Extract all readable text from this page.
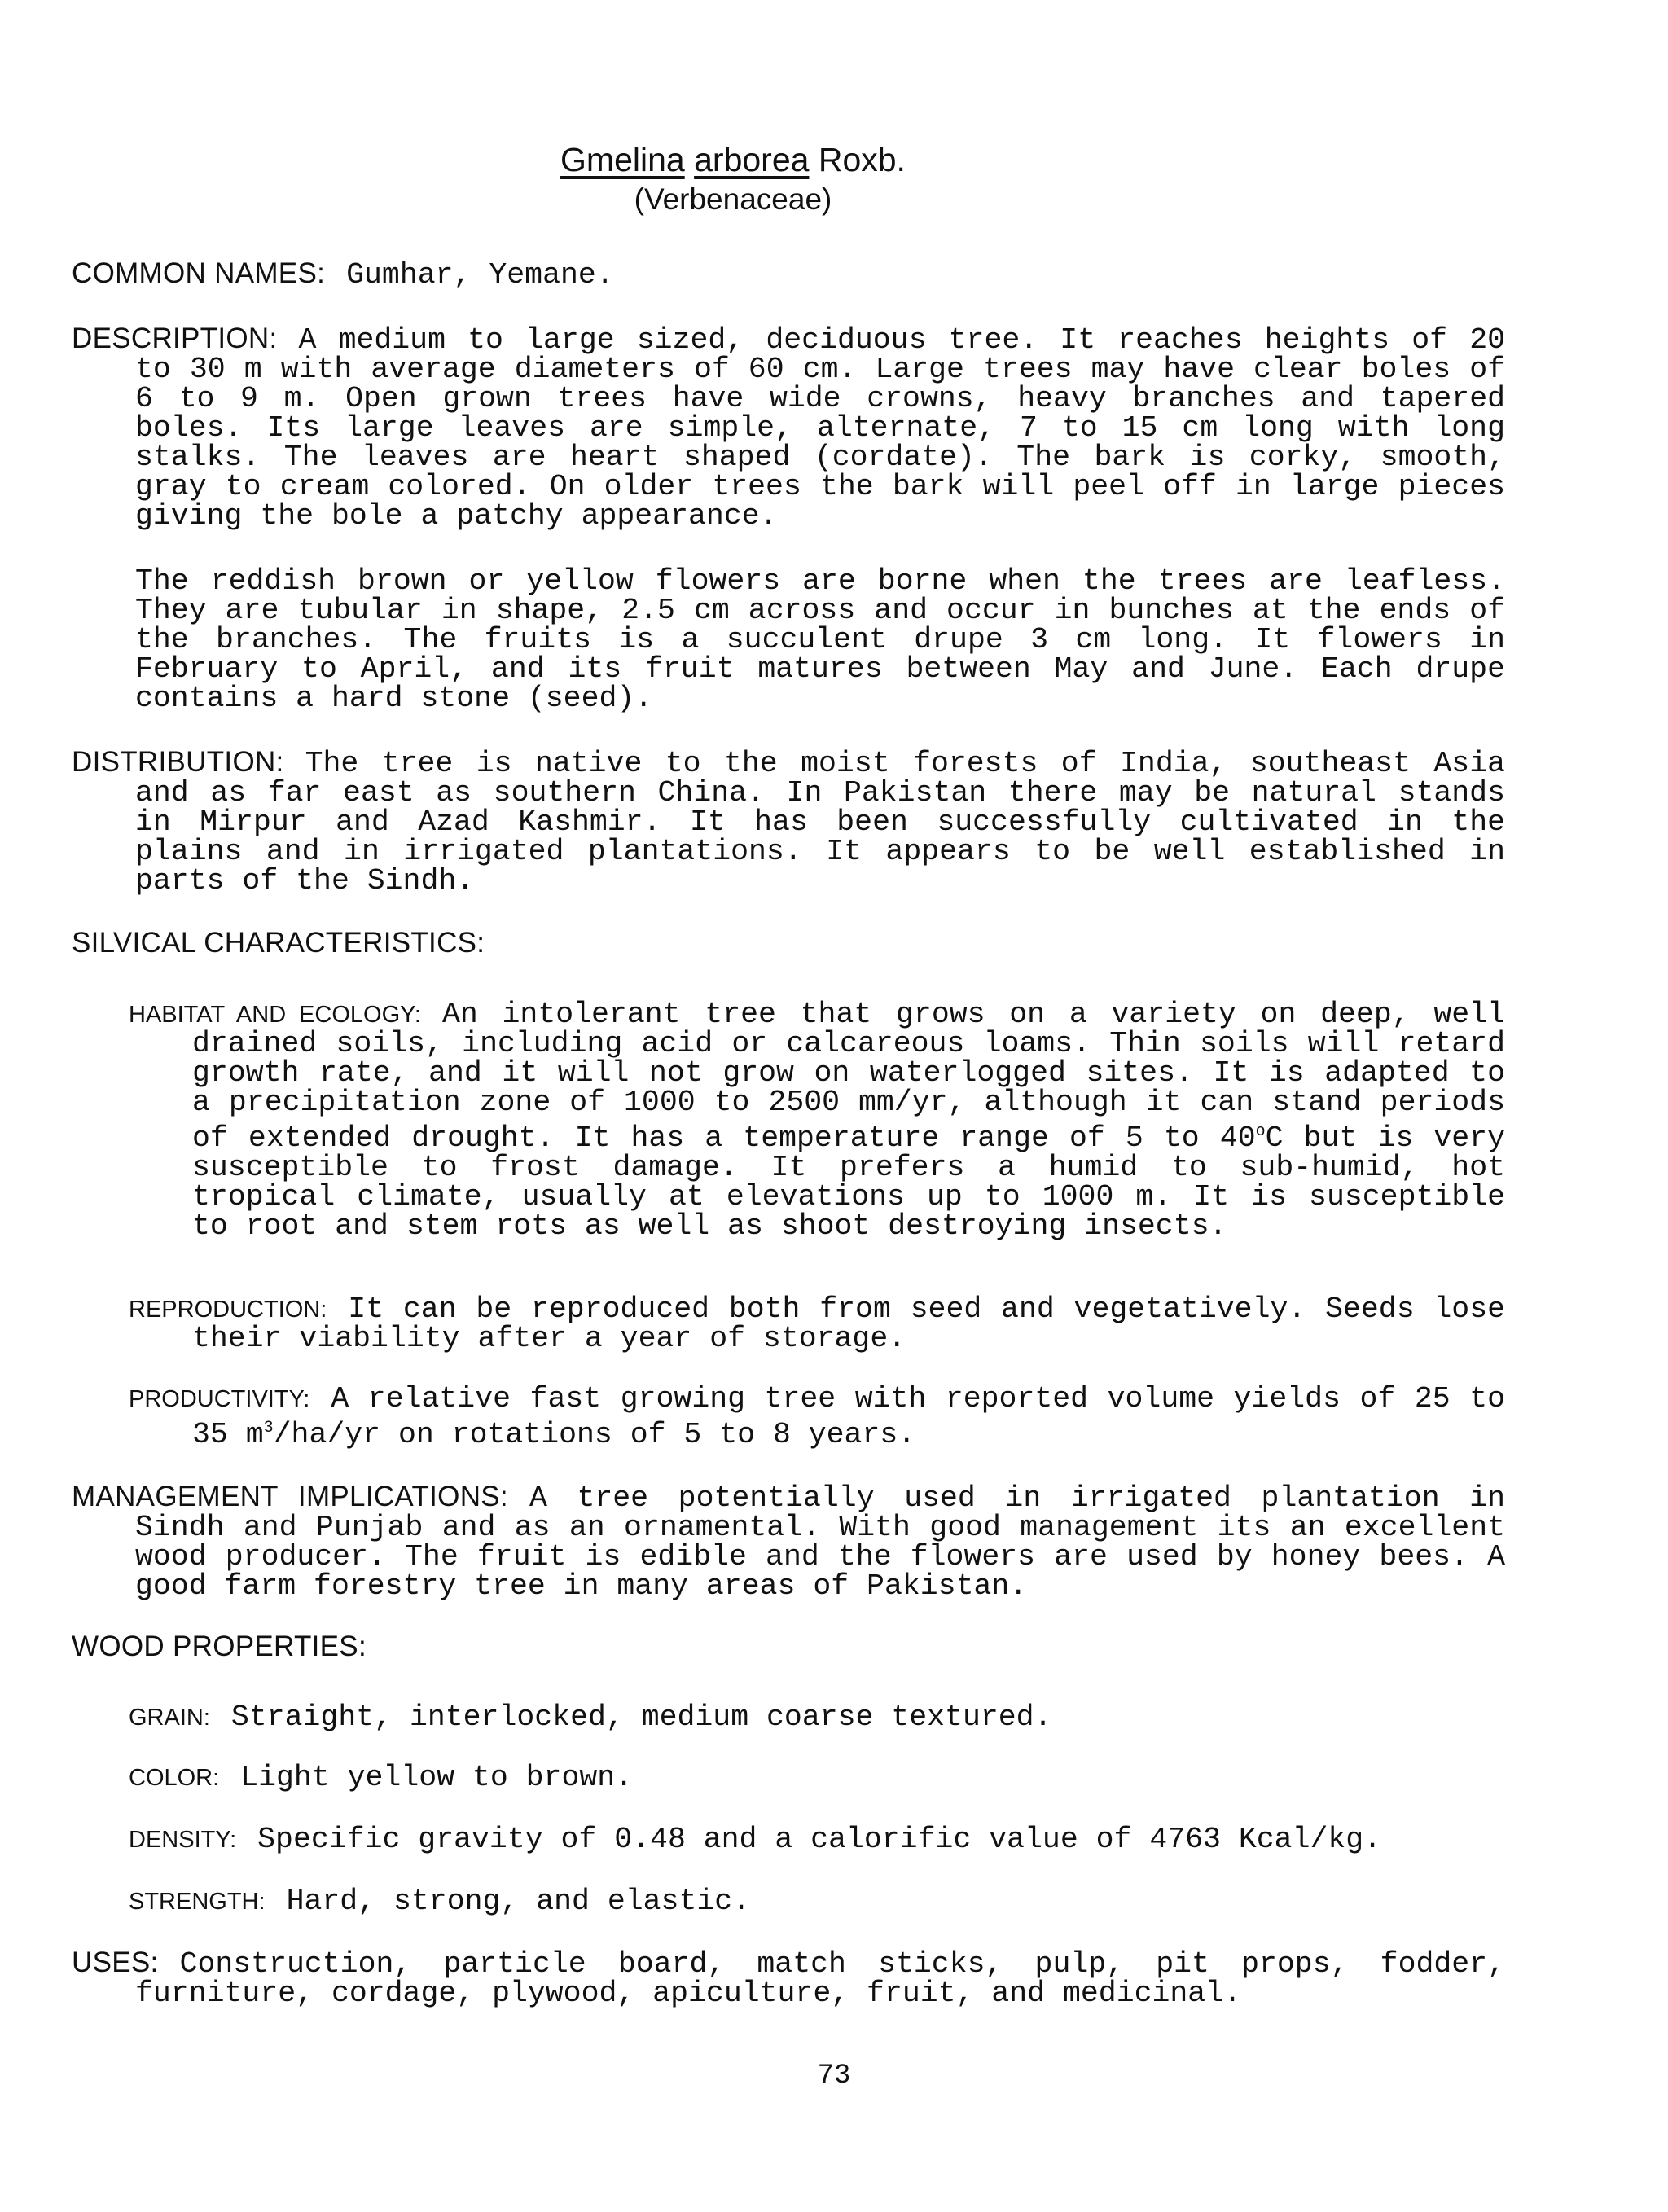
Gmelina arborea Roxb.
(Verbenaceae)
COMMON NAMES: Gumhar, Yemane.

DESCRIPTION: A medium to large sized, deciduous tree. It reaches heights of 20 to 30 m with average diameters of 60 cm. Large trees may have clear boles of 6 to 9 m. Open grown trees have wide crowns, heavy branches and tapered boles. Its large leaves are simple, alternate, 7 to 15 cm long with long stalks. The leaves are heart shaped (cordate). The bark is corky, smooth, gray to cream colored. On older trees the bark will peel off in large pieces giving the bole a patchy appearance.

The reddish brown or yellow flowers are borne when the trees are leafless. They are tubular in shape, 2.5 cm across and occur in bunches at the ends of the branches. The fruits is a succulent drupe 3 cm long. It flowers in February to April, and its fruit matures between May and June. Each drupe contains a hard stone (seed).

DISTRIBUTION: The tree is native to the moist forests of India, southeast Asia and as far east as southern China. In Pakistan there may be natural stands in Mirpur and Azad Kashmir. It has been successfully cultivated in the plains and in irrigated plantations. It appears to be well established in parts of the Sindh.

SILVICAL CHARACTERISTICS:

HABITAT AND ECOLOGY: An intolerant tree that grows on a variety on deep, well drained soils, including acid or calcareous loams. Thin soils will retard growth rate, and it will not grow on waterlogged sites. It is adapted to a precipitation zone of 1000 to 2500 mm/yr, although it can stand periods of extended drought. It has a temperature range of 5 to 40$^o$C but is very susceptible to frost damage. It prefers a humid to sub-humid, hot tropical climate, usually at elevations up to 1000 m. It is susceptible to root and stem rots as well as shoot destroying insects.

REPRODUCTION: It can be reproduced both from seed and vegetatively. Seeds lose their viability after a year of storage.

PRODUCTIVITY: A relative fast growing tree with reported volume yields of 25 to 35 $m^3/ha/yr$ on rotations of 5 to 8 years.

MANAGEMENT IMPLICATIONS: A tree potentially used in irrigated plantation in Sindh and Punjab and as an ornamental. With good management its an excellent wood producer. The fruit is edible and the flowers are used by honey bees. A good farm forestry tree in many areas of Pakistan.

WOOD PROPERTIES:
GRAIN: Straight, interlocked, medium coarse textured.
COLOR: Light yellow to brown.
DENSITY: Specific gravity of 0.48 and a calorific value of 4763 Kcal/kg.
STRENGTH: Hard, strong, and elastic.

USES: Construction, particle board, match sticks, pulp, pit props, fodder, furniture, cordage, plywood, apiculture, fruit, and medicinal.

73
